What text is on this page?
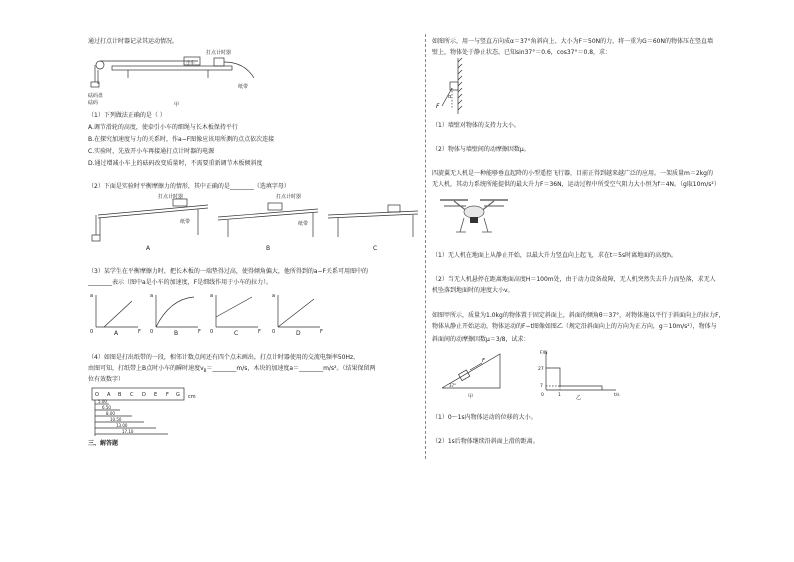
通过打点计时器记录其运动情况。
砝码盘
砝码
打点计时器
小车
纸带
甲
（1）下列做法正确的是（ ）
A.调节滑轮的高度，使牵引小车的细绳与长木板保持平行
B.在探究加速度与力的关系时，作a−F图像应该用所测的点点依次连接
C.实验时，先放开小车再接通打点计时器的电源
D.通过增减小车上的砝码改变质量时，不需要重新调节木板倾斜度
（2）下面是实验时平衡摩擦力的情形，其中正确的是________（选填字母）
打点计时器
纸带
A
打点计时器
纸带
B	C
（3）某学生在平衡摩擦力时，把长木板的一端垫得过高，使得倾角偏大，他所得到的a−F关系可用图中的
________表示（图中a是小车的加速度，F是细线作用于小车的拉力）。
a
0	F
A
a
0	F
B
a
0	F
C
a
0	F
D
（4）如图是打出纸带的一段，相邻计数点间还有四个点未画出，打点计时器使用的交流电频率50Hz，
由图可知，打纸带上B点时小车的瞬时速度$v_B=\_\_\_\_\_\_\_\_m/s$，木块的加速度a＝________m/s²。（结果保留两
位有效数字）
O A B C D E F G cm
5.00
6.50
8.00
10.50
13.00
17.10
三、解答题
如图所示，用一与竖直方向成α＝37°角斜向上、大小为F＝50N的力，将一重为G＝60N的物体压在竖直墙
壁上，物体处于静止状态。已知sin37°＝0.6，cos37°＝0.8，求：
F
α
（1）墙壁对物体的支持力大小。
（2）物体与墙壁间的动摩擦因数μ。
四旋翼无人机是一种能够垂直起降的小型遥控飞行器，目前正得到越来越广泛的应用。一架质量m＝2kg的
无人机，其动力系统所能提供的最大升力F＝36N，运动过程中所受空气阻力大小恒为f＝4N。（g取10m/s²）
（1）无人机在地面上从静止开始，以最大升力竖直向上起飞，求在t＝5s时离地面的高度h。
（2）当无人机悬停在距离地面高度H＝100m处，由于动力设备故障，无人机突然失去升力而坠落，求无人
机坠落到地面时的速度大小v。
如图甲所示，质量为1.0kg的物体置于固定斜面上，斜面的倾角θ＝37°，对物体施以平行于斜面向上的拉力F，
物体从静止开始运动，物体运动的F−t图像如图乙（规定沿斜面向上的方向为正方向，g＝10m/s²），物体与
斜面间的动摩擦因数μ＝3/8，试求：
F
37°
甲
F/N
27
7
0	1	t/s
乙
（1）0～1s内物体运动的位移的大小。
（2）1s后物体继续沿斜面上滑的距离。
